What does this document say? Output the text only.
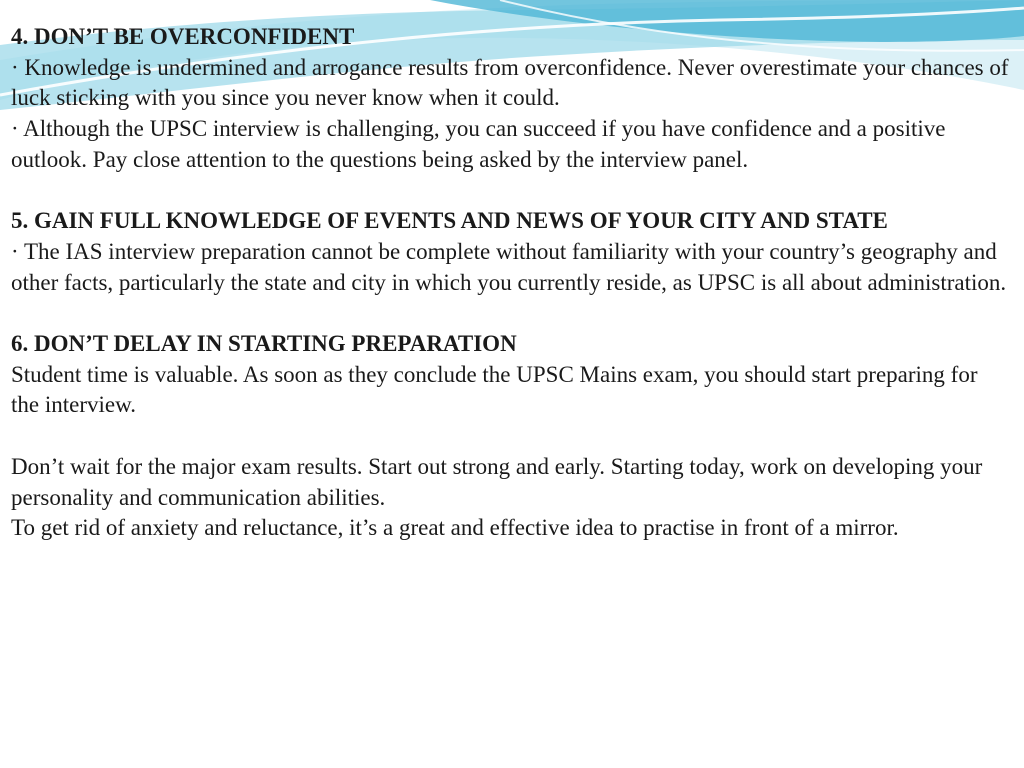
4. DON’T BE OVERCONFIDENT

· Knowledge is undermined and arrogance results from overconfidence. Never overestimate your chances of luck sticking with you since you never know when it could.

· Although the UPSC interview is challenging, you can succeed if you have confidence and a positive outlook. Pay close attention to the questions being asked by the interview panel.

5. GAIN FULL KNOWLEDGE OF EVENTS AND NEWS OF YOUR CITY AND STATE

· The IAS interview preparation cannot be complete without familiarity with your country’s geography and other facts, particularly the state and city in which you currently reside, as UPSC is all about administration.

6. DON’T DELAY IN STARTING PREPARATION

Student time is valuable. As soon as they conclude the UPSC Mains exam, you should start preparing for the interview.

Don’t wait for the major exam results. Start out strong and early. Starting today, work on developing your personality and communication abilities.

To get rid of anxiety and reluctance, it’s a great and effective idea to practise in front of a mirror.
